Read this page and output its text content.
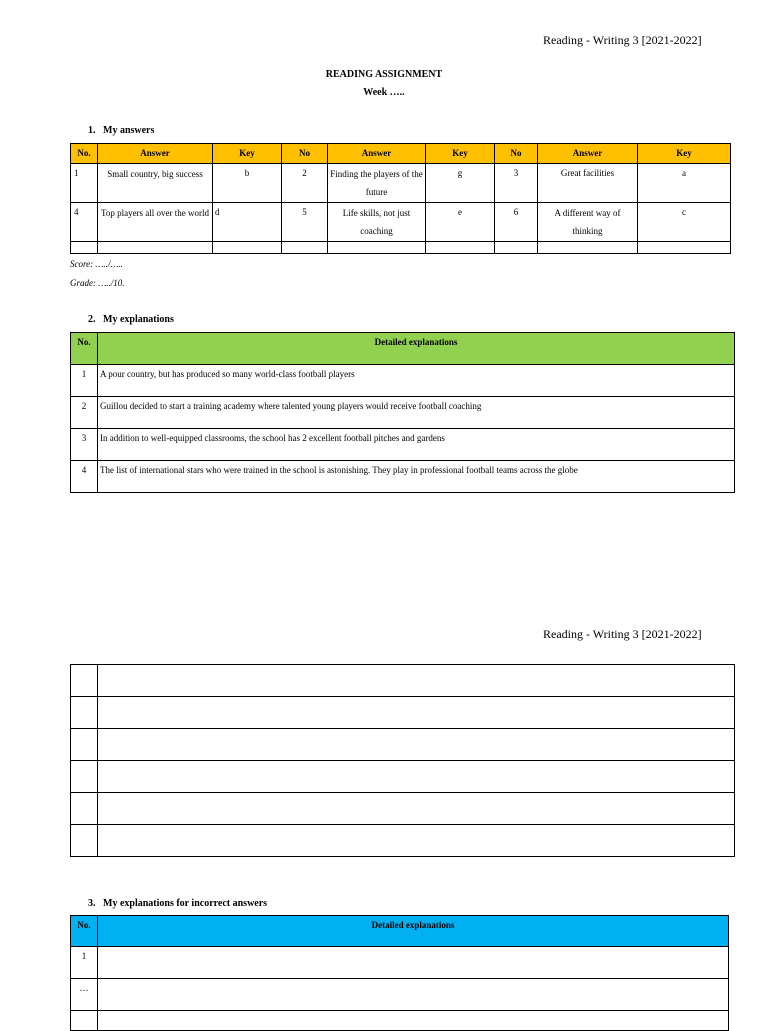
Reading - Writing 3 [2021-2022]
READING ASSIGNMENT
Week …..
1. My answers
No.	Answer	Key	No	Answer	Key	No	Answer	Key
1	Small country, big success	b	2	Finding the players of the future	g	3	Great facilities	a
4	Top players all over the world	d	5	Life skills, not just coaching	e	6	A different way of thinking	c

Score: …../…..
Grade: …../10.
2. My explanations
No.	Detailed explanations
1	A pour country, but has produced so many world-class football players
2	Guillou decided to start a training academy where talented young players would receive football coaching
3	In addition to well-equipped classrooms, the school has 2 excellent football pitches and gardens
4	The list of international stars who were trained in the school is astonishing. They play in professional football teams across the globe
Reading - Writing 3 [2021-2022]

3. My explanations for incorrect answers
No.	Detailed explanations
1	
…	
